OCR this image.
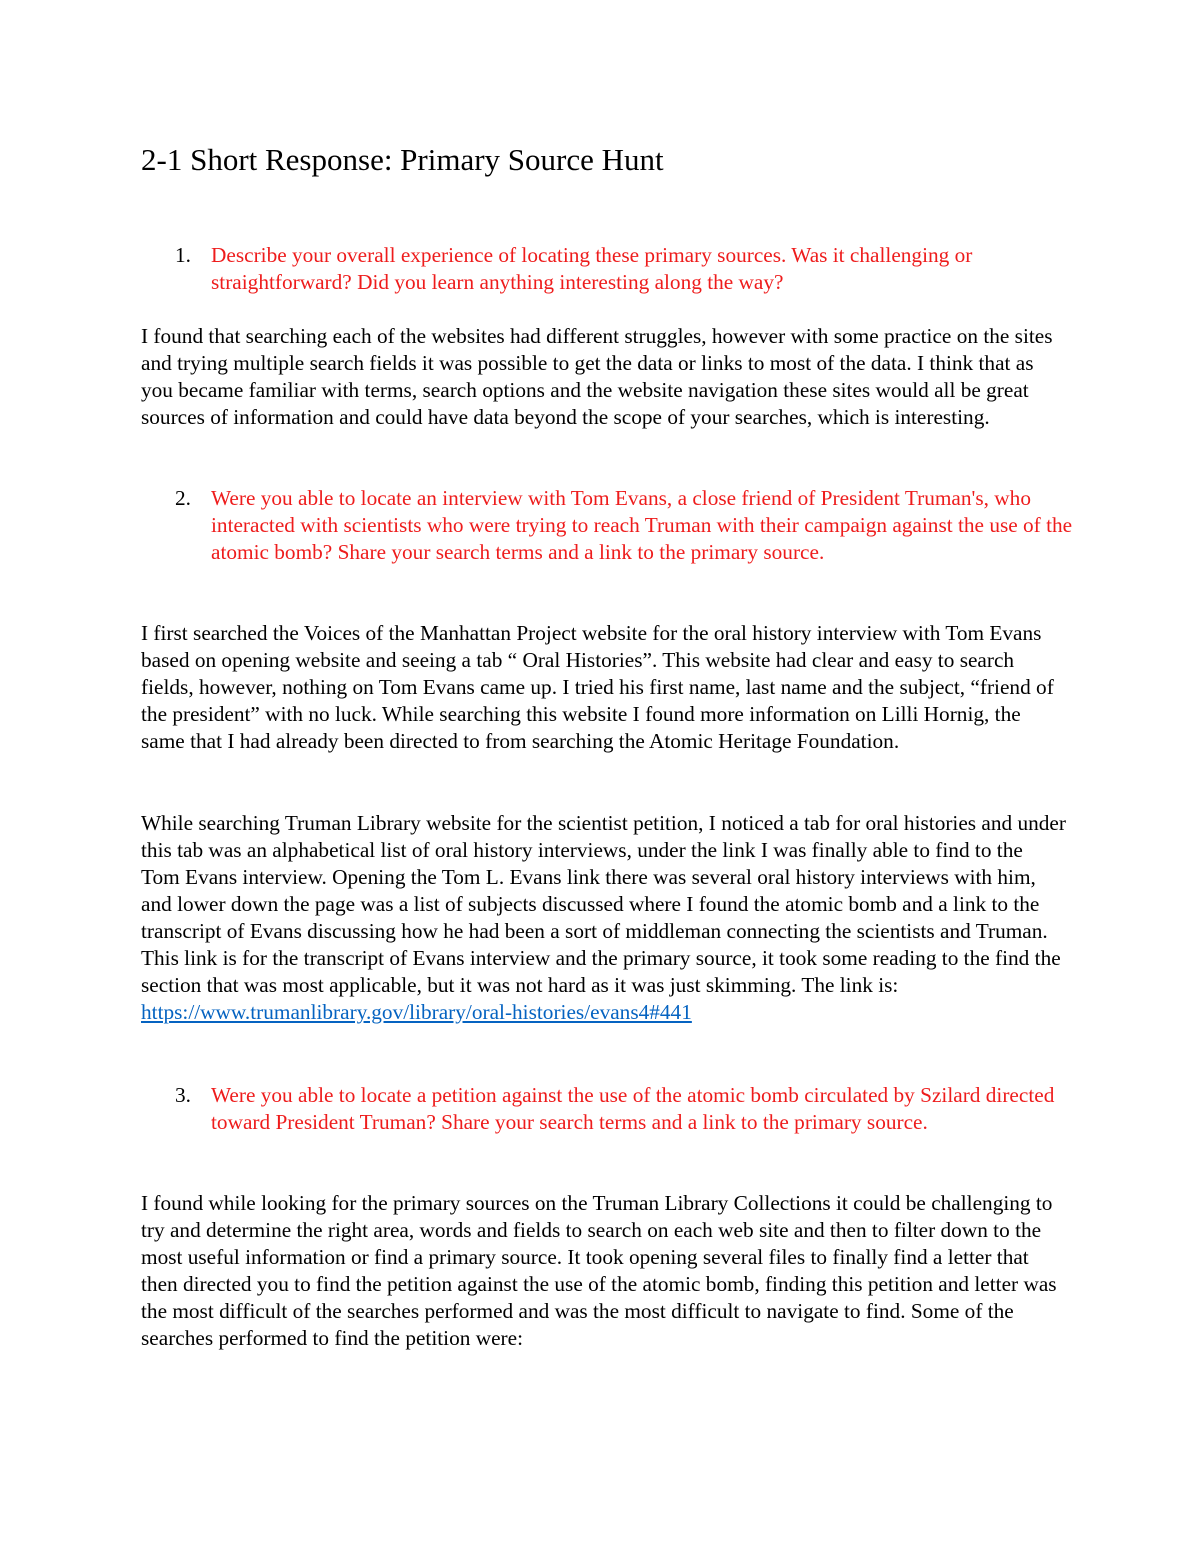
2-1 Short Response: Primary Source Hunt
1. Describe your overall experience of locating these primary sources. Was it challenging or straightforward? Did you learn anything interesting along the way?

I found that searching each of the websites had different struggles, however with some practice on the sites and trying multiple search fields it was possible to get the data or links to most of the data. I think that as you became familiar with terms, search options and the website navigation these sites would all be great sources of information and could have data beyond the scope of your searches, which is interesting.

2. Were you able to locate an interview with Tom Evans, a close friend of President Truman's, who interacted with scientists who were trying to reach Truman with their campaign against the use of the atomic bomb? Share your search terms and a link to the primary source.

I first searched the Voices of the Manhattan Project website for the oral history interview with Tom Evans based on opening website and seeing a tab “ Oral Histories”. This website had clear and easy to search fields, however, nothing on Tom Evans came up. I tried his first name, last name and the subject, “friend of the president” with no luck. While searching this website I found more information on Lilli Hornig, the same that I had already been directed to from searching the Atomic Heritage Foundation.

While searching Truman Library website for the scientist petition, I noticed a tab for oral histories and under this tab was an alphabetical list of oral history interviews, under the link I was finally able to find to the Tom Evans interview. Opening the Tom L. Evans link there was several oral history interviews with him, and lower down the page was a list of subjects discussed where I found the atomic bomb and a link to the transcript of Evans discussing how he had been a sort of middleman connecting the scientists and Truman. This link is for the transcript of Evans interview and the primary source, it took some reading to the find the section that was most applicable, but it was not hard as it was just skimming. The link is:
https://www.trumanlibrary.gov/library/oral-histories/evans4#441
3. Were you able to locate a petition against the use of the atomic bomb circulated by Szilard directed toward President Truman? Share your search terms and a link to the primary source.

I found while looking for the primary sources on the Truman Library Collections it could be challenging to try and determine the right area, words and fields to search on each web site and then to filter down to the most useful information or find a primary source. It took opening several files to finally find a letter that then directed you to find the petition against the use of the atomic bomb, finding this petition and letter was the most difficult of the searches performed and was the most difficult to navigate to find. Some of the searches performed to find the petition were:
